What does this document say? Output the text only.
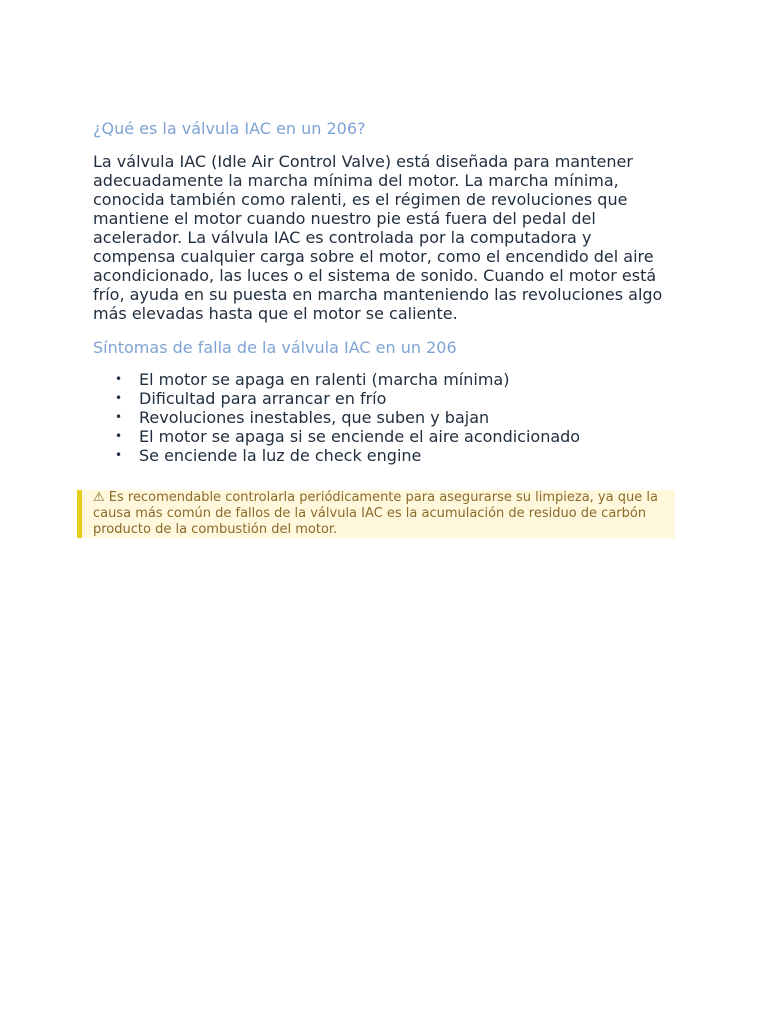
¿Qué es la válvula IAC en un 206?

La válvula IAC (Idle Air Control Valve) está diseñada para mantener adecuadamente la marcha mínima del motor. La marcha mínima, conocida también como ralenti, es el régimen de revoluciones que mantiene el motor cuando nuestro pie está fuera del pedal del acelerador. La válvula IAC es controlada por la computadora y compensa cualquier carga sobre el motor, como el encendido del aire acondicionado, las luces o el sistema de sonido. Cuando el motor está frío, ayuda en su puesta en marcha manteniendo las revoluciones algo más elevadas hasta que el motor se caliente.

Síntomas de falla de la válvula IAC en un 206
• El motor se apaga en ralenti (marcha mínima)
• Dificultad para arrancar en frío
• Revoluciones inestables, que suben y bajan
• El motor se apaga si se enciende el aire acondicionado
• Se enciende la luz de check engine

⚠ Es recomendable controlarla periódicamente para asegurarse su limpieza, ya que la causa más común de fallos de la válvula IAC es la acumulación de residuo de carbón producto de la combustión del motor.
